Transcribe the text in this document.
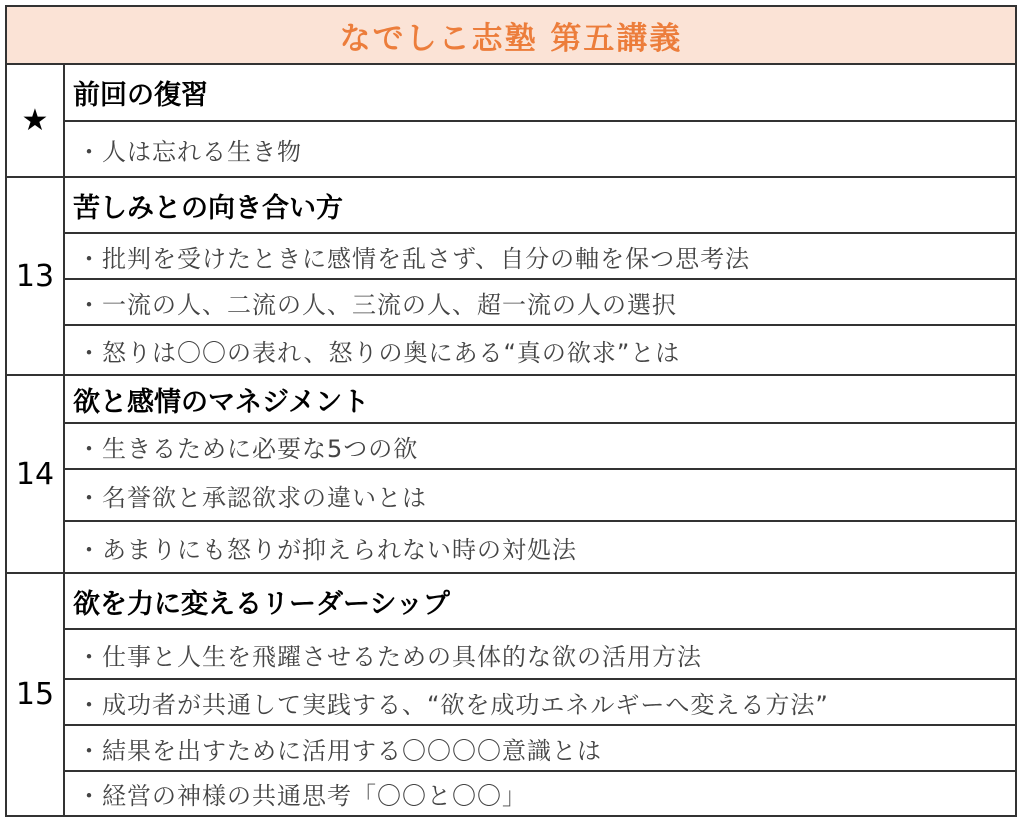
なでしこ志塾 第五講義
★
前回の復習
・人は忘れる生き物
13
苦しみとの向き合い方
・批判を受けたときに感情を乱さず、自分の軸を保つ思考法
・一流の人、二流の人、三流の人、超一流の人の選択
・怒りは〇〇の表れ、怒りの奥にある“真の欲求”とは
14
欲と感情のマネジメント
・生きるために必要な5つの欲
・名誉欲と承認欲求の違いとは
・あまりにも怒りが抑えられない時の対処法
15
欲を力に変えるリーダーシップ
・仕事と人生を飛躍させるための具体的な欲の活用方法
・成功者が共通して実践する、“欲を成功エネルギーへ変える方法”
・結果を出すために活用する〇〇〇〇意識とは
・経営の神様の共通思考「〇〇と〇〇」
